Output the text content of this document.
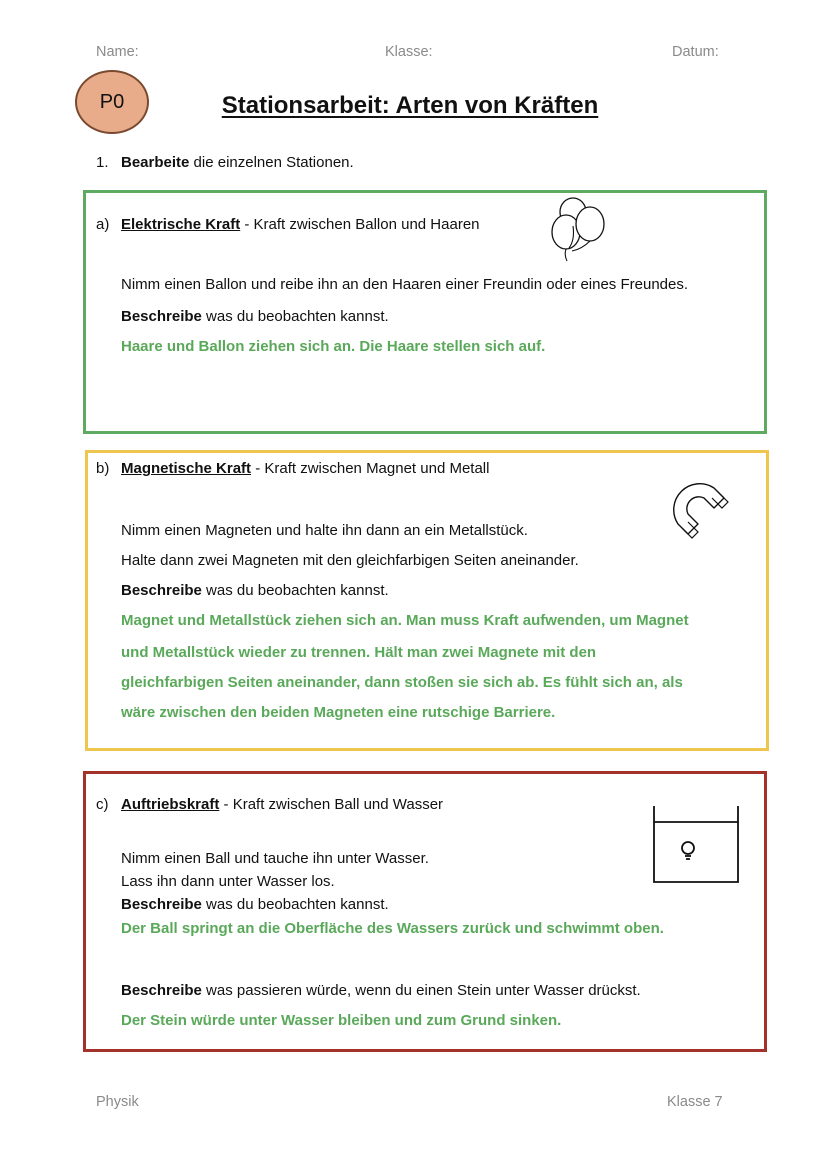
Name:	Klasse:	Datum:
P0	Stationsarbeit: Arten von Kräften
1. Bearbeite die einzelnen Stationen.
a) Elektrische Kraft - Kraft zwischen Ballon und Haaren
Nimm einen Ballon und reibe ihn an den Haaren einer Freundin oder eines Freundes.
Beschreibe was du beobachten kannst.
Haare und Ballon ziehen sich an. Die Haare stellen sich auf.
b) Magnetische Kraft - Kraft zwischen Magnet und Metall
Nimm einen Magneten und halte ihn dann an ein Metallstück.
Halte dann zwei Magneten mit den gleichfarbigen Seiten aneinander.
Beschreibe was du beobachten kannst.
Magnet und Metallstück ziehen sich an. Man muss Kraft aufwenden, um Magnet
und Metallstück wieder zu trennen. Hält man zwei Magnete mit den
gleichfarbigen Seiten aneinander, dann stoßen sie sich ab. Es fühlt sich an, als
wäre zwischen den beiden Magneten eine rutschige Barriere.
c) Auftriebskraft - Kraft zwischen Ball und Wasser
Nimm einen Ball und tauche ihn unter Wasser.
Lass ihn dann unter Wasser los.
Beschreibe was du beobachten kannst.
Der Ball springt an die Oberfläche des Wassers zurück und schwimmt oben.
Beschreibe was passieren würde, wenn du einen Stein unter Wasser drückst.
Der Stein würde unter Wasser bleiben und zum Grund sinken.
Physik	Klasse 7
